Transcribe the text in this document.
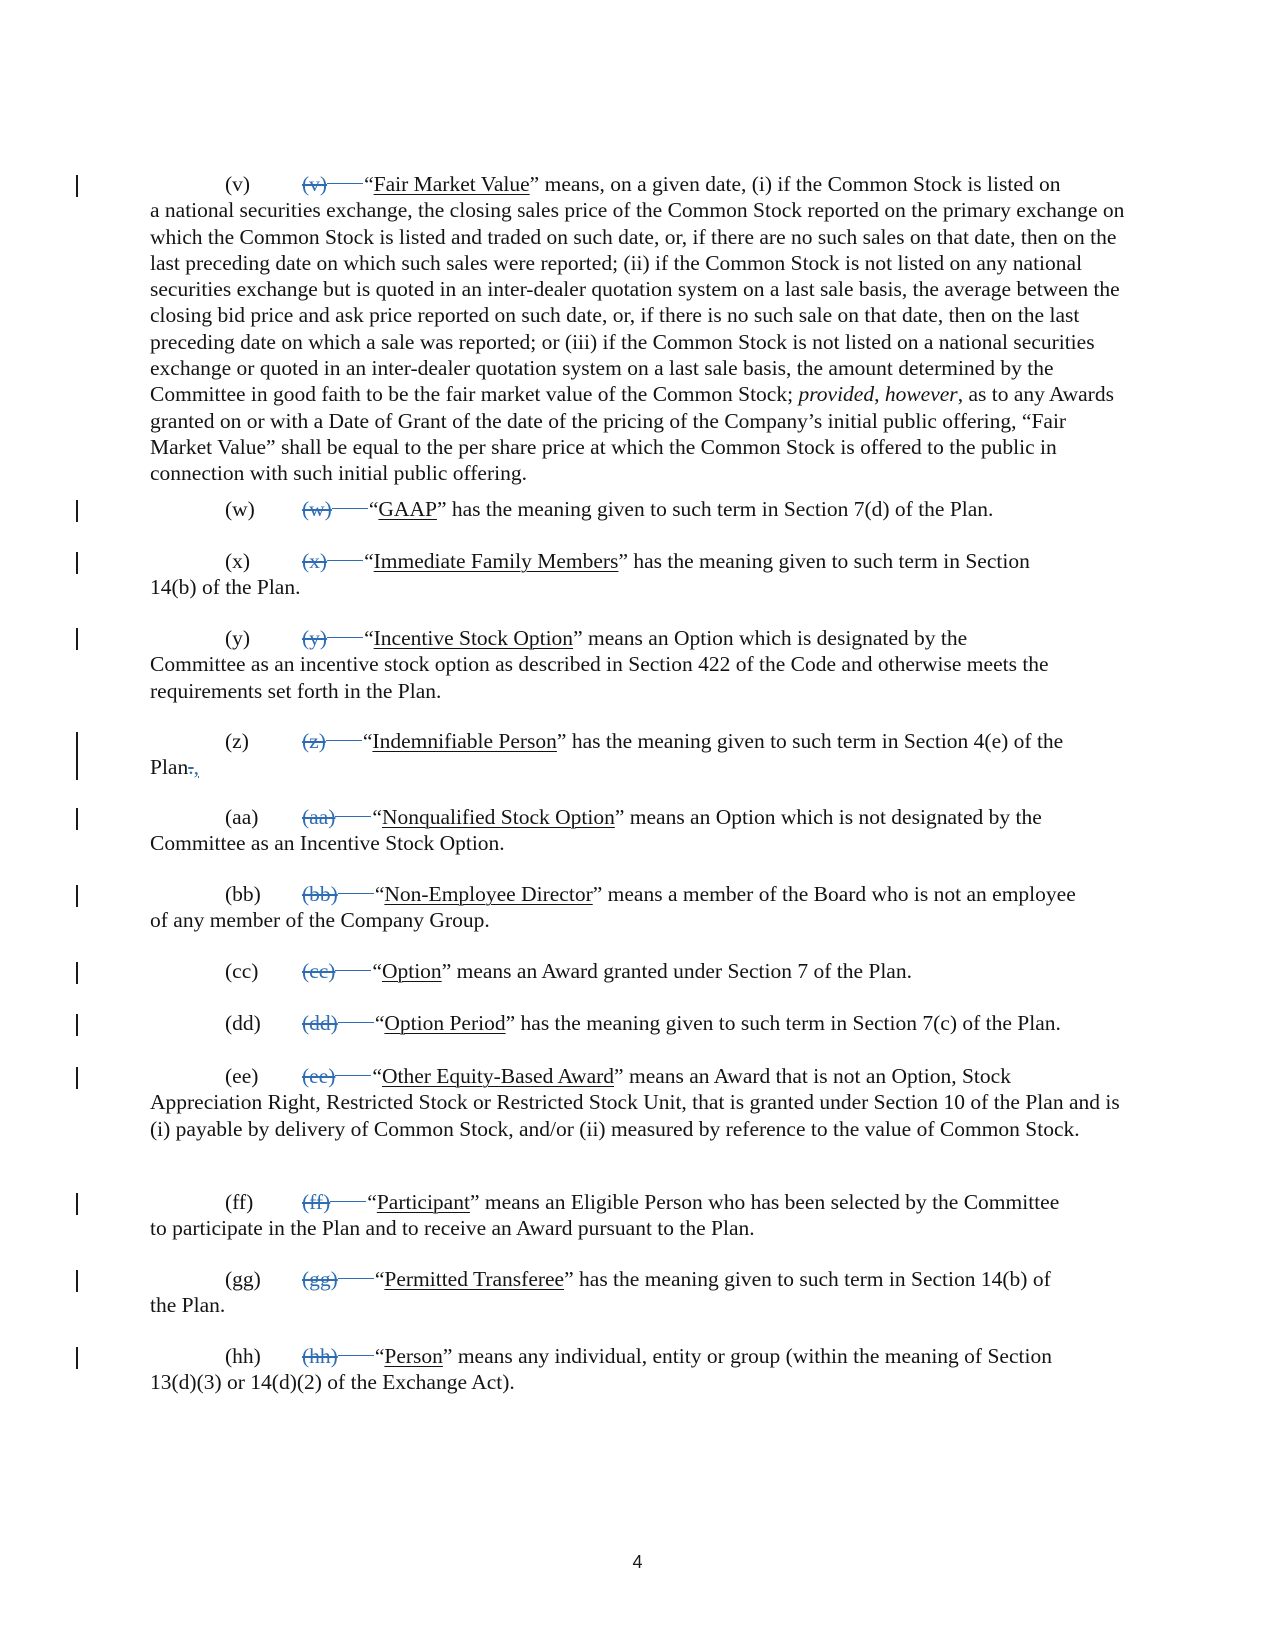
(v) (v) “Fair Market Value” means, on a given date, (i) if the Common Stock is listed on
a national securities exchange, the closing sales price of the Common Stock reported on the primary exchange on which the Common Stock is listed and traded on such date, or, if there are no such sales on that date, then on the last preceding date on which such sales were reported; (ii) if the Common Stock is not listed on any national securities exchange but is quoted in an inter-dealer quotation system on a last sale basis, the average between the closing bid price and ask price reported on such date, or, if there is no such sale on that date, then on the last preceding date on which a sale was reported; or (iii) if the Common Stock is not listed on a national securities exchange or quoted in an inter-dealer quotation system on a last sale basis, the amount determined by the Committee in good faith to be the fair market value of the Common Stock; provided, however, as to any Awards granted on or with a Date of Grant of the date of the pricing of the Company’s initial public offering, “Fair Market Value” shall be equal to the per share price at which the Common Stock is offered to the public in connection with such initial public offering.
(w) (w) “GAAP” has the meaning given to such term in Section 7(d) of the Plan.
(x) (x) “Immediate Family Members” has the meaning given to such term in Section
14(b) of the Plan.
(y) (y) “Incentive Stock Option” means an Option which is designated by the
Committee as an incentive stock option as described in Section 422 of the Code and otherwise meets the requirements set forth in the Plan.
(z) (z) “Indemnifiable Person” has the meaning given to such term in Section 4(e) of the
Plan.,
(aa) (aa) “Nonqualified Stock Option” means an Option which is not designated by the
Committee as an Incentive Stock Option.
(bb) (bb) “Non-Employee Director” means a member of the Board who is not an employee
of any member of the Company Group.
(cc) (cc) “Option” means an Award granted under Section 7 of the Plan.
(dd) (dd) “Option Period” has the meaning given to such term in Section 7(c) of the Plan.
(ee) (ee) “Other Equity-Based Award” means an Award that is not an Option, Stock
Appreciation Right, Restricted Stock or Restricted Stock Unit, that is granted under Section 10 of the Plan and is (i) payable by delivery of Common Stock, and/or (ii) measured by reference to the value of Common Stock.
(ff) (ff) “Participant” means an Eligible Person who has been selected by the Committee
to participate in the Plan and to receive an Award pursuant to the Plan.
(gg) (gg) “Permitted Transferee” has the meaning given to such term in Section 14(b) of
the Plan.
(hh) (hh) “Person” means any individual, entity or group (within the meaning of Section
13(d)(3) or 14(d)(2) of the Exchange Act).
4
